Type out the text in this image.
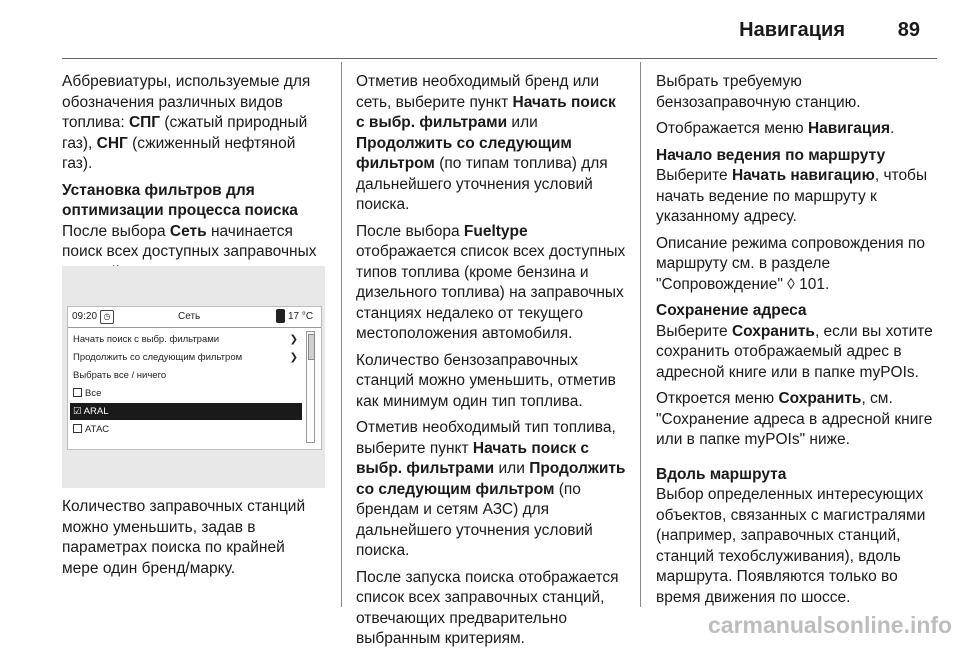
Навигация	89

Аббревиатуры, используемые для обозначения различных видов топлива: СПГ (сжатый природный газ), СНГ (сжиженный нефтяной газ).

Установка фильтров для оптимизации процесса поиска
После выбора Сеть начинается поиск всех доступных заправочных

09:20 ◷	Сеть	17 °C
Начать поиск с выбр. фильтрами	❯
Продолжить со следующим фильтром	❯
Выбрать все / ничего
Все
☑ ARAL
АТАС

Количество заправочных станций можно уменьшить, задав в параметрах поиска по крайней мере один бренд/марку.

Отметив необходимый бренд или сеть, выберите пункт Начать поиск с выбр. фильтрами или Продолжить со следующим фильтром (по типам топлива) для дальнейшего уточнения условий поиска.

После выбора Fueltype отображается список всех доступных типов топлива (кроме бензина и дизельного топлива) на заправочных станциях недалеко от текущего местоположения автомобиля.

Количество бензозаправочных станций можно уменьшить, отметив как минимум один тип топлива.

Отметив необходимый тип топлива, выберите пункт Начать поиск с выбр. фильтрами или Продолжить со следующим фильтром (по брендам и сетям АЗС) для дальнейшего уточнения условий поиска.

После запуска поиска отображается список всех заправочных станций, отвечающих предварительно выбранным критериям.

Выбрать требуемую бензозаправочную станцию.

Отображается меню Навигация.

Начало ведения по маршруту
Выберите Начать навигацию, чтобы начать ведение по маршруту к указанному адресу.

Описание режима сопровождения по маршруту см. в разделе "Сопровождение" ◊ 101.

Сохранение адреса
Выберите Сохранить, если вы хотите сохранить отображаемый адрес в адресной книге или в папке myPOIs.

Откроется меню Сохранить, см. "Сохранение адреса в адресной книге или в папке myPOIs" ниже.

Вдоль маршрута
Выбор определенных интересующих объектов, связанных с магистралями (например, заправочных станций, станций техобслуживания), вдоль маршрута. Появляются только во время движения по шоссе.

carmanualsonline.info
